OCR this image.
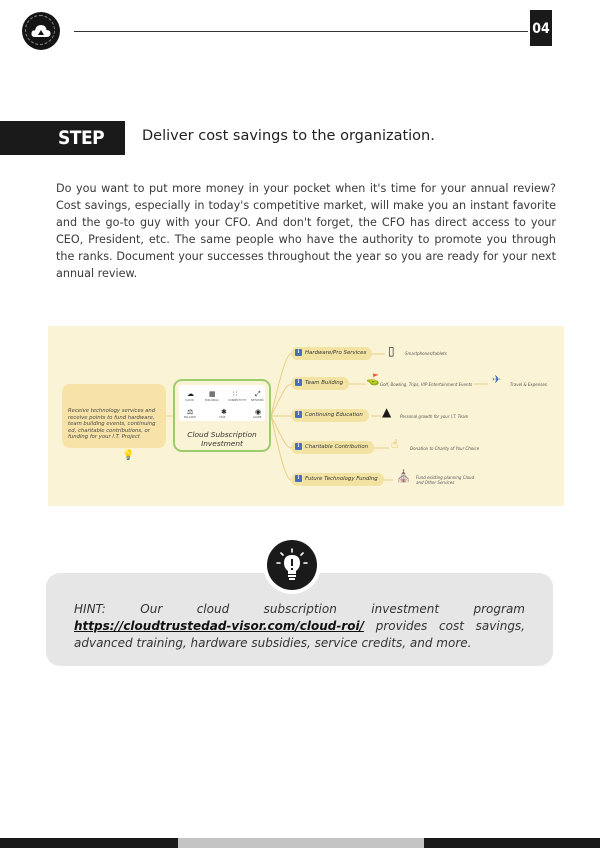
04
STEP 3:
Deliver cost savings to the organization.
Do you want to put more money in your pocket when it's time for your annual review? Cost savings, especially in today's competitive market, will make you an instant favorite and the go-to guy with your CFO. And don't forget, the CFO has direct access to your CEO, President, etc. The same people who have the authority to promote you through the ranks. Document your successes throughout the year so you are ready for your next annual review.
💡
Receive technology services and receive points to fund hardware, team building events, continuing ed, charitable contributions, or funding for your I.T. Project
☁ ▦ ∷	⤢
CLOUD	BUILDINGS	CONNECTIVITY NETWORK
⚖	✱	◉
BALANCE	STAR	GLOBE
Cloud Subscription Investment
ℹ Hardware/Pro Services	▯	Smartphones/tablets
ℹ Team Building	⛳ Golf, Bowling, Trips, VIP Entertainment Events ✈ Travel & Expenses
ℹ Continuing Education	▲ Personal growth for your I.T. Team
ℹ Charitable Contribution	☝	Donation to Charity of Your Choice
ℹ Future Technology Funding	⛪ Fund existing planning Cloud and Other Services
HINT: Our cloud subscription investment program https://cloudtrustedad-visor.com/cloud-roi/ provides cost savings, advanced training, hardware subsidies, service credits, and more.
